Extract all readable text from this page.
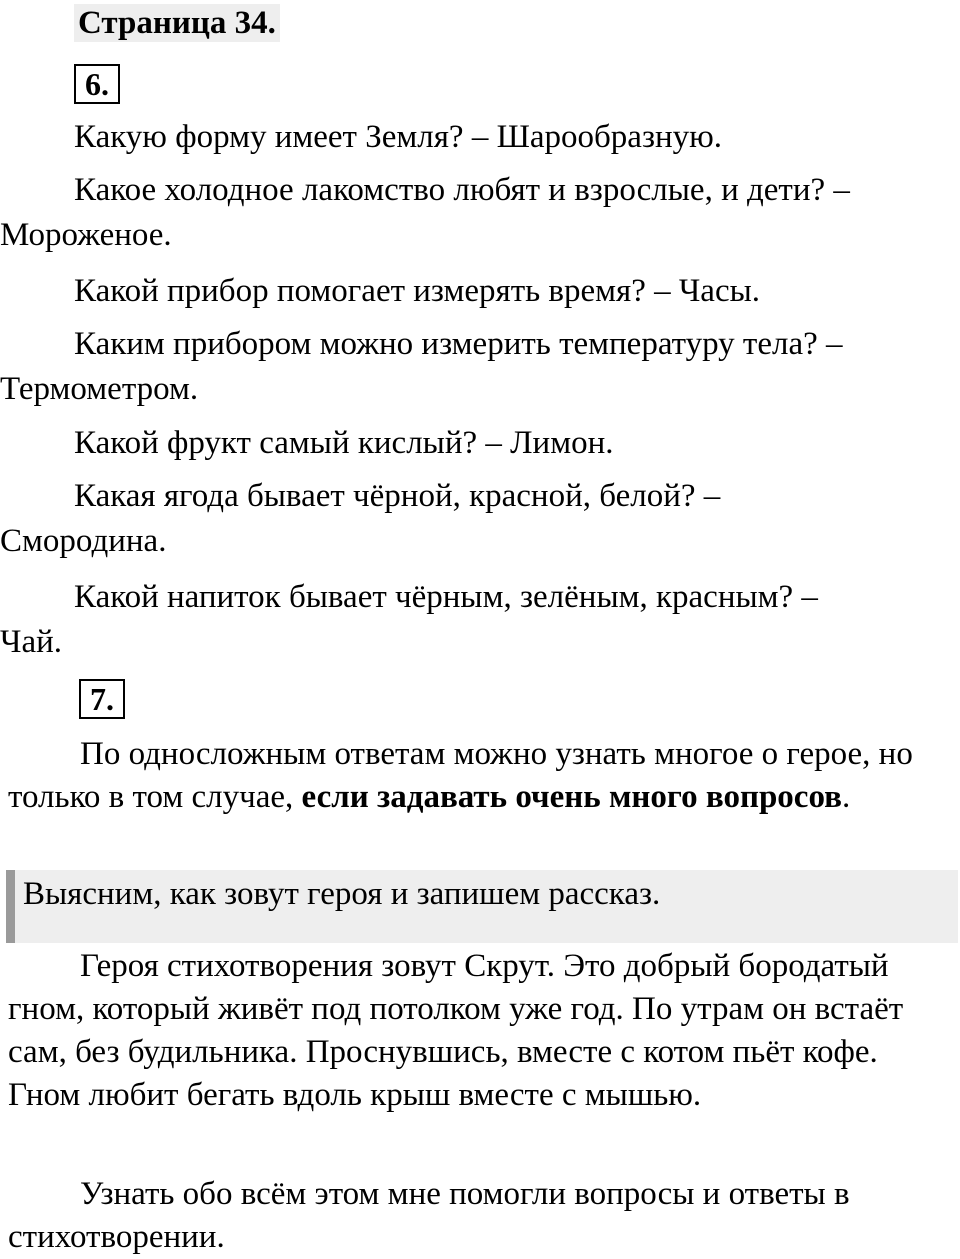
Страница 34.
6.

Какую форму имеет Земля? – Шарообразную.

Какое холодное лакомство любят и взрослые, и дети? –

Мороженое.

Какой прибор помогает измерять время? – Часы.

Каким прибором можно измерить температуру тела? –

Термометром.

Какой фрукт самый кислый? – Лимон.

Какая ягода бывает чёрной, красной, белой? –

Смородина.

Какой напиток бывает чёрным, зелёным, красным? –

Чай.
7.

По односложным ответам можно узнать многое о герое, но только в том случае, если задавать очень много вопросов.

Выясним, как зовут героя и запишем рассказ.

Героя стихотворения зовут Скрут. Это добрый бородатый гном, который живёт под потолком уже год. По утрам он встаёт сам, без будильника. Проснувшись, вместе с котом пьёт кофе. Гном любит бегать вдоль крыш вместе с мышью.

Узнать обо всём этом мне помогли вопросы и ответы в стихотворении.
